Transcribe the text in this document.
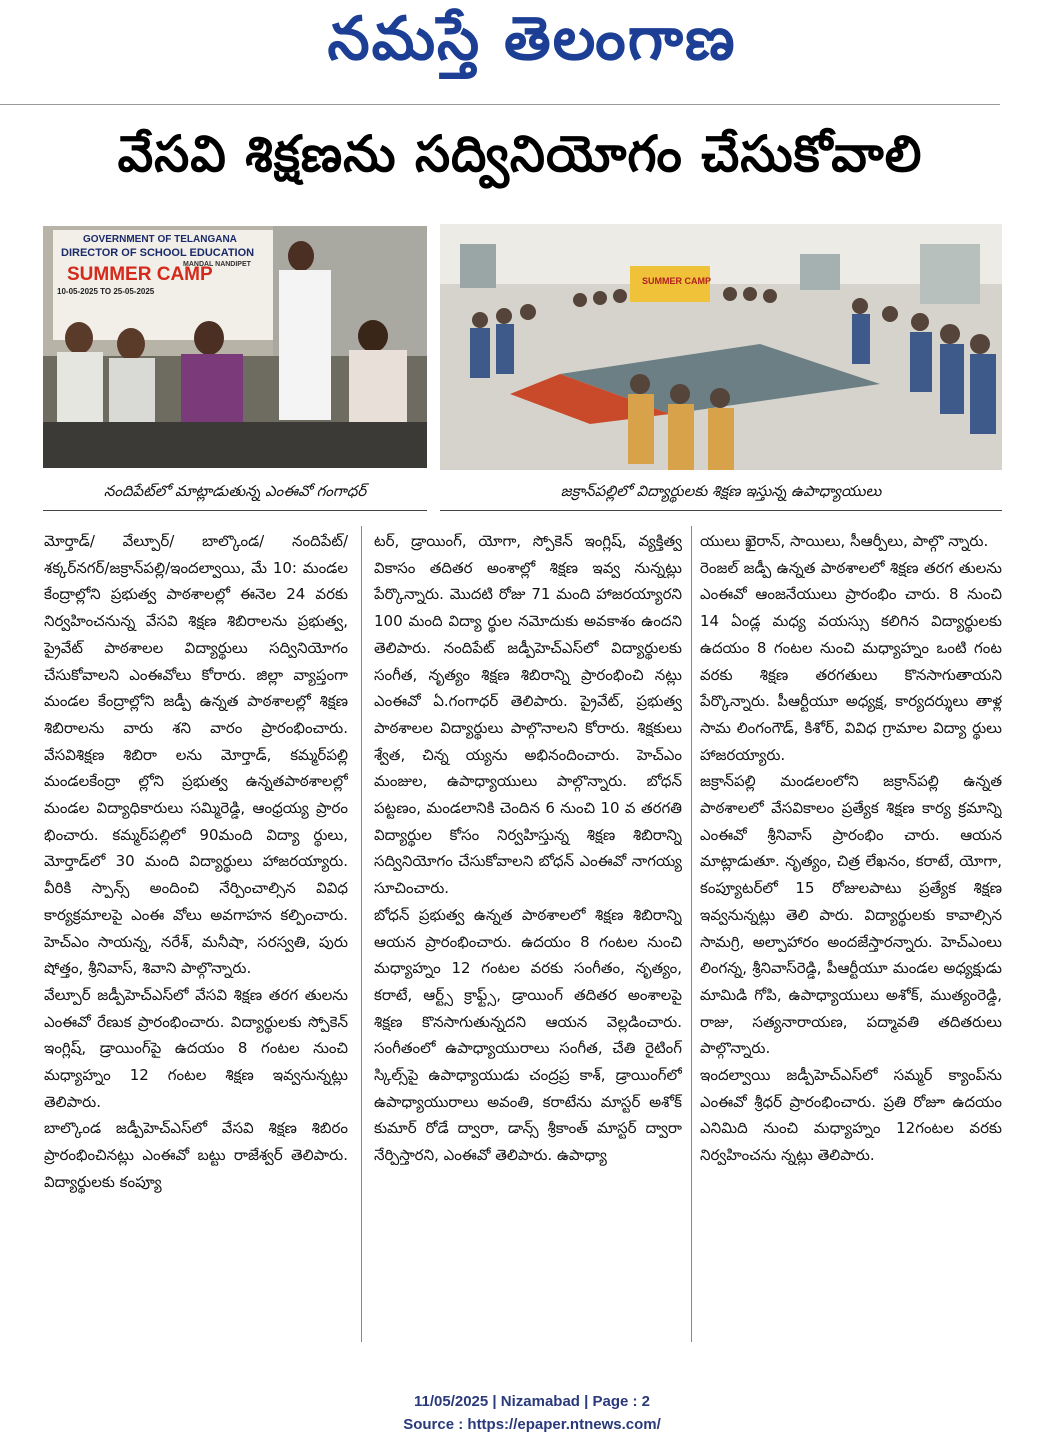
నమస్తే తెలంగాణ
వేసవి శిక్షణను సద్వినియోగం చేసుకోవాలి
GOVERNMENT OF TELANGANA
DIRECTOR OF SCHOOL EDUCATION
MANDAL NANDIPET
SUMMER CAMP
10-05-2025 TO 25-05-2025
నందిపేట్‌లో మాట్లాడుతున్న ఎంఈవో గంగాధర్
SUMMER CAMP
జక్రాన్‌పల్లిలో విద్యార్థులకు శిక్షణ ఇస్తున్న ఉపాధ్యాయులు

మోర్తాడ్/ వేల్పూర్/ బాల్కొండ/ నందిపేట్/ శక్కర్‌నగర్/జక్రాన్‌పల్లి/ఇందల్వాయి, మే 10: మండల కేంద్రాల్లోని ప్రభుత్వ పాఠశాలల్లో ఈనెల 24 వరకు నిర్వహించనున్న వేసవి శిక్షణ శిబిరాలను ప్రభుత్వ, ప్రైవేట్ పాఠశాలల విద్యార్థులు సద్వినియోగం చేసుకోవాలని ఎంఈవోలు కోరారు. జిల్లా వ్యాప్తంగా మండల కేంద్రాల్లోని జడ్పీ ఉన్నత పాఠశాలల్లో శిక్షణ శిబిరాలను వారు శని వారం ప్రారంభించారు. వేసవిశిక్షణ శిబిరా లను మోర్తాడ్, కమ్మర్‌పల్లి మండలకేంద్రా ల్లోని ప్రభుత్వ ఉన్నతపాఠశాలల్లో మండల విద్యాధికారులు సమ్మిరెడ్డి, ఆంధ్రయ్య ప్రారం భించారు. కమ్మర్‌పల్లిలో 90మంది విద్యా ర్థులు, మోర్తాడ్‌లో 30 మంది విద్యార్థులు హాజరయ్యారు. వీరికి స్పాన్స్ అందించి నేర్పించాల్సిన వివిధ కార్యక్రమాలపై ఎంఈ వోలు అవగాహన కల్పించారు. హెచ్‌ఎం సాయన్న, నరేశ్, మనీషా, సరస్వతి, పురు షోత్తం, శ్రీనివాస్, శివాని పాల్గొన్నారు.

వేల్పూర్ జడ్పీహెచ్‌ఎస్‌లో వేసవి శిక్షణ తరగ తులను ఎంఈవో రేణుక ప్రారంభించారు. విద్యార్థులకు స్పోకెన్ ఇంగ్లిష్, డ్రాయింగ్‌పై ఉదయం 8 గంటల నుంచి మధ్యాహ్నం 12 గంటల శిక్షణ ఇవ్వనున్నట్లు తెలిపారు.

బాల్కొండ జడ్పీహెచ్‌ఎస్‌లో వేసవి శిక్షణ శిబిరం ప్రారంభించినట్లు ఎంఈవో బట్టు రాజేశ్వర్ తెలిపారు. విద్యార్థులకు కంప్యూ

టర్, డ్రాయింగ్, యోగా, స్పోకెన్ ఇంగ్లిష్, వ్యక్తిత్వ వికాసం తదితర అంశాల్లో శిక్షణ ఇవ్వ నున్నట్లు పేర్కొన్నారు. మొదటి రోజు 71 మంది హాజరయ్యారని 100 మంది విద్యా ర్థుల నమోదుకు అవకాశం ఉందని తెలిపారు. నందిపేట్ జడ్పీహెచ్‌ఎస్‌లో విద్యార్థులకు సంగీత, నృత్యం శిక్షణ శిబిరాన్ని ప్రారంభించి నట్లు ఎంఈవో ఏ.గంగాధర్ తెలిపారు. ప్రైవేట్, ప్రభుత్వ పాఠశాలల విద్యార్థులు పాల్గొనాలని కోరారు. శిక్షకులు శ్వేత, చిన్న య్యను అభినందించారు. హెచ్‌ఎం మంజుల, ఉపాధ్యాయులు పాల్గొన్నారు. బోధన్ పట్టణం, మండలానికి చెందిన 6 నుంచి 10 వ తరగతి విద్యార్థుల కోసం నిర్వహిస్తున్న శిక్షణ శిబిరాన్ని సద్వినియోగం చేసుకోవాలని బోధన్ ఎంఈవో నాగయ్య సూచించారు.

బోధన్ ప్రభుత్వ ఉన్నత పాఠశాలలో శిక్షణ శిబిరాన్ని ఆయన ప్రారంభించారు. ఉదయం 8 గంటల నుంచి మధ్యాహ్నం 12 గంటల వరకు సంగీతం, నృత్యం, కరాటే, ఆర్ట్స్ క్రాఫ్ట్స్, డ్రాయింగ్ తదితర అంశాలపై శిక్షణ కొనసాగుతున్నదని ఆయన వెల్లడించారు. సంగీతంలో ఉపాధ్యాయురాలు సంగీత, చేతి రైటింగ్ స్కిల్స్‌పై ఉపాధ్యాయుడు చంద్రప్ర కాశ్, డ్రాయింగ్‌లో ఉపాధ్యాయురాలు అవంతి, కరాటేను మాస్టర్ అశోక్ కుమార్ రోడే ద్వారా, డాన్స్ శ్రీకాంత్ మాస్టర్ ద్వారా నేర్పిస్తారని, ఎంఈవో తెలిపారు. ఉపాధ్యా

యులు ఖైరాన్, సాయిలు, సీఆర్పీలు, పాల్గొ న్నారు.

రెంజల్ జడ్పీ ఉన్నత పాఠశాలలో శిక్షణ తరగ తులను ఎంఈవో ఆంజనేయులు ప్రారంభిం చారు. 8 నుంచి 14 ఏండ్ల మధ్య వయస్సు కలిగిన విద్యార్థులకు ఉదయం 8 గంటల నుంచి మధ్యాహ్నం ఒంటి గంట వరకు శిక్షణ తరగతులు కొనసాగుతాయని పేర్కొన్నారు. పీఆర్టీయూ అధ్యక్ష, కార్యదర్శులు తాళ్ల సామ లింగంగౌడ్, కిశోర్, వివిధ గ్రామాల విద్యా ర్థులు హాజరయ్యారు.

జక్రాన్‌పల్లి మండలంలోని జక్రాన్‌పల్లి ఉన్నత పాఠశాలలో వేసవికాలం ప్రత్యేక శిక్షణ కార్య క్రమాన్ని ఎంఈవో శ్రీనివాస్ ప్రారంభిం చారు. ఆయన మాట్లాడుతూ. నృత్యం, చిత్ర లేఖనం, కరాటే, యోగా, కంప్యూటర్‌లో 15 రోజులపాటు ప్రత్యేక శిక్షణ ఇవ్వనున్నట్లు తెలి పారు. విద్యార్థులకు కావాల్సిన సామగ్రి, అల్పాహారం అందజేస్తారన్నారు. హెచ్‌ఎంలు లింగన్న, శ్రీనివాస్‌రెడ్డి, పీఆర్టీయూ మండల అధ్యక్షుడు మామిడి గోపి, ఉపాధ్యాయులు అశోక్, ముత్యంరెడ్డి, రాజు, సత్యనారాయణ, పద్మావతి తదితరులు పాల్గొన్నారు.

ఇందల్వాయి జడ్పీహెచ్‌ఎస్‌లో సమ్మర్ క్యాంప్‌ను ఎంఈవో శ్రీధర్ ప్రారంభించారు. ప్రతి రోజూ ఉదయం ఎనిమిది నుంచి మధ్యాహ్నం 12గంటల వరకు నిర్వహించను న్నట్లు తెలిపారు.

11/05/2025 | Nizamabad | Page : 2
Source : https://epaper.ntnews.com/
